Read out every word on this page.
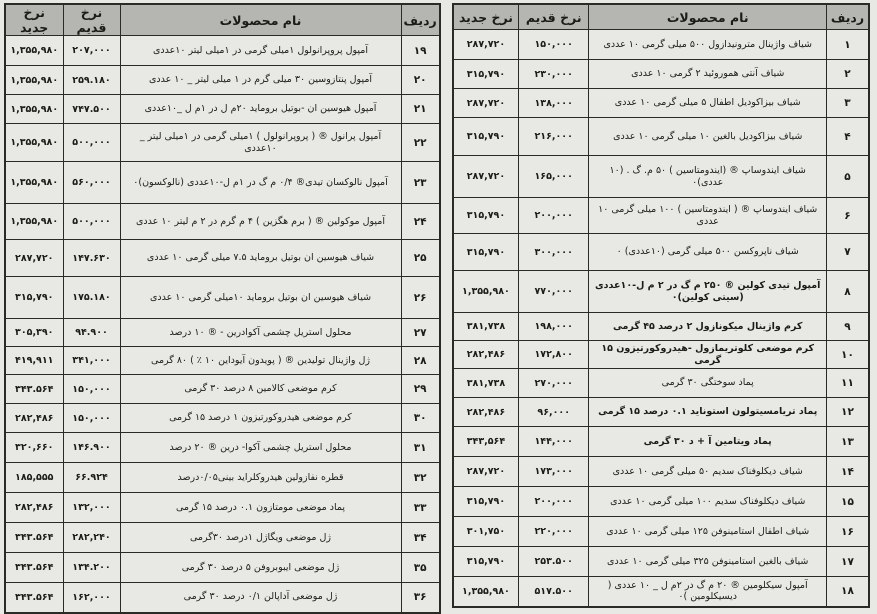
ردیف	نام محصولات	نرخ قدیم	نرخ جدید
۱۹	آمپول پروپرانولول ۱میلی گرمی در ۱میلی لیتر ۱۰عددی	۲۰۷,۰۰۰	۱,۳۵۵,۹۸۰
۲۰	آمپول پنتازوسین ۳۰ میلی گرم در ۱ میلی لیتر _ ۱۰ عددی	۲۵۹.۱۸۰	۱,۳۵۵,۹۸۰
۲۱	آمپول هیوسین ان -بوتیل بروماید ۲۰م ل در ۱م ل _۱۰عددی	۷۴۷.۵۰۰	۱,۳۵۵,۹۸۰
۲۲	آمپول پرانول ® ( پروپرانولول ) ۱میلی گرمی در ۱میلی لیتر _ ۱۰عددی	۵۰۰,۰۰۰	۱,۳۵۵,۹۸۰
۲۳	آمپول نالوکسان تیدی® ۰/۴ م گ در ۱م ل-۱۰عددی (نالوکسون)۰	۵۶۰,۰۰۰	۱,۳۵۵,۹۸۰
۲۴	آمپول موکولین ® ( برم هگزین ) ۴ م گرم در ۲ م لیتر ۱۰ عددی	۵۰۰,۰۰۰	۱,۳۵۵,۹۸۰
۲۵	شیاف هیوسین ان بوتیل بروماید ۷.۵ میلی گرمی ۱۰ عددی	۱۴۷.۶۳۰	۲۸۷,۷۲۰
۲۶	شیاف هیوسین ان بوتیل بروماید ۱۰میلی گرمی ۱۰ عددی	۱۷۵.۱۸۰	۳۱۵,۷۹۰
۲۷	محلول استریل چشمی آکوادرین - ® ۱۰ درصد	۹۴.۹۰۰	۳۰۵,۳۹۰
۲۸	ژل واژینال تولیدین ® ( پویدون آیوداین ۱۰ ٪ ) ۸۰ گرمی	۳۴۱,۰۰۰	۴۱۹,۹۱۱
۲۹	کرم موضعی کالامین ۸ درصد ۳۰ گرمی	۱۵۰,۰۰۰	۳۴۳.۵۶۴
۳۰	کرم موضعی هیدروکورتیزون ۱ درصد ۱۵ گرمی	۱۵۰,۰۰۰	۲۸۲,۴۸۶
۳۱	محلول استریل چشمی آکوا- درین ® ۲۰ درصد	۱۴۶.۹۰۰	۳۲۰,۶۶۰
۳۲	قطره نفازولین هیدروکلراید بینی۰/۰۵درصد	۶۶.۹۲۴	۱۸۵,۵۵۵
۳۳	پماد موضعی مومتازون ۰.۱ درصد ۱۵ گرمی	۱۳۲,۰۰۰	۲۸۲,۴۸۶
۳۴	ژل موضعی ویگاژل ۱درصد ۳۰گرمی	۲۸۲,۲۴۰	۳۴۳.۵۶۴
۳۵	ژل موضعی ایبوبروفن ۵ درصد ۳۰ گرمی	۱۳۴.۲۰۰	۳۴۳.۵۶۴
۳۶	ژل موضعی آداپالن ۰/۱ درصد ۳۰ گرمی	۱۶۲,۰۰۰	۳۴۳.۵۶۴
ردیف	نام محصولات	نرخ قدیم	نرخ جدید
۱	شیاف واژینال مترونیدازول ۵۰۰ میلی گرمی ۱۰ عددی	۱۵۰,۰۰۰	۲۸۷,۷۲۰
۲	شیاف آنتی هموروئید ۲ گرمی ۱۰ عددی	۲۳۰,۰۰۰	۳۱۵,۷۹۰
۳	شیاف بیزاکودیل اطفال ۵ میلی گرمی ۱۰ عددی	۱۳۸,۰۰۰	۲۸۷,۷۲۰
۴	شیاف بیزاکودیل بالغین ۱۰ میلی گرمی ۱۰ عددی	۲۱۶,۰۰۰	۳۱۵,۷۹۰
۵	شیاف ایندوساپ ® (ایندومتاسین ) ۵۰ م. گ . (۱۰ عددی)۰	۱۶۵,۰۰۰	۲۸۷,۷۲۰
۶	شیاف ایندوساپ ® ( ایندومتاسین ) ۱۰۰ میلی گرمی ۱۰ عددی	۲۰۰,۰۰۰	۳۱۵,۷۹۰
۷	شیاف ناپروکسن ۵۰۰ میلی گرمی (۱۰عددی) ۰	۳۰۰,۰۰۰	۳۱۵,۷۹۰
۸	آمپول تیدی کولین ® ۲۵۰ م گ در ۲ م ل-۱۰عددی (سیتی کولین)۰	۷۷۰,۰۰۰	۱,۳۵۵,۹۸۰
۹	کرم واژینال میکونازول ۲ درصد ۴۵ گرمی	۱۹۸,۰۰۰	۳۸۱,۷۳۸
۱۰	کرم موضعی کلوتریمازول -هیدروکورتیزون ۱۵ گرمی	۱۷۲,۸۰۰	۲۸۲,۴۸۶
۱۱	پماد سوختگی ۳۰ گرمی	۲۷۰,۰۰۰	۳۸۱,۷۳۸
۱۲	پماد تریامسیتولون استوناید ۰.۱ درصد ۱۵ گرمی	۹۶,۰۰۰	۲۸۲,۴۸۶
۱۳	پماد ویتامین آ + د ۳۰ گرمی	۱۴۴,۰۰۰	۳۴۳,۵۶۴
۱۴	شیاف دیکلوفناک سدیم ۵۰ میلی گرمی ۱۰ عددی	۱۷۳,۰۰۰	۲۸۷,۷۲۰
۱۵	شیاف دیکلوفناک سدیم ۱۰۰ میلی گرمی ۱۰ عددی	۲۰۰,۰۰۰	۳۱۵,۷۹۰
۱۶	شیاف اطفال استامینوفن ۱۲۵ میلی گرمی ۱۰ عددی	۲۲۰,۰۰۰	۳۰۱,۷۵۰
۱۷	شیاف بالغین استامینوفن ۳۲۵ میلی گرمی ۱۰ عددی	۲۵۳.۵۰۰	۳۱۵,۷۹۰
۱۸	آمپول سیکلومین ® ۲۰ م گ در ۲م ل _ ۱۰ عددی ( دیسیکلومین )۰	۵۱۷.۵۰۰	۱,۳۵۵,۹۸۰
